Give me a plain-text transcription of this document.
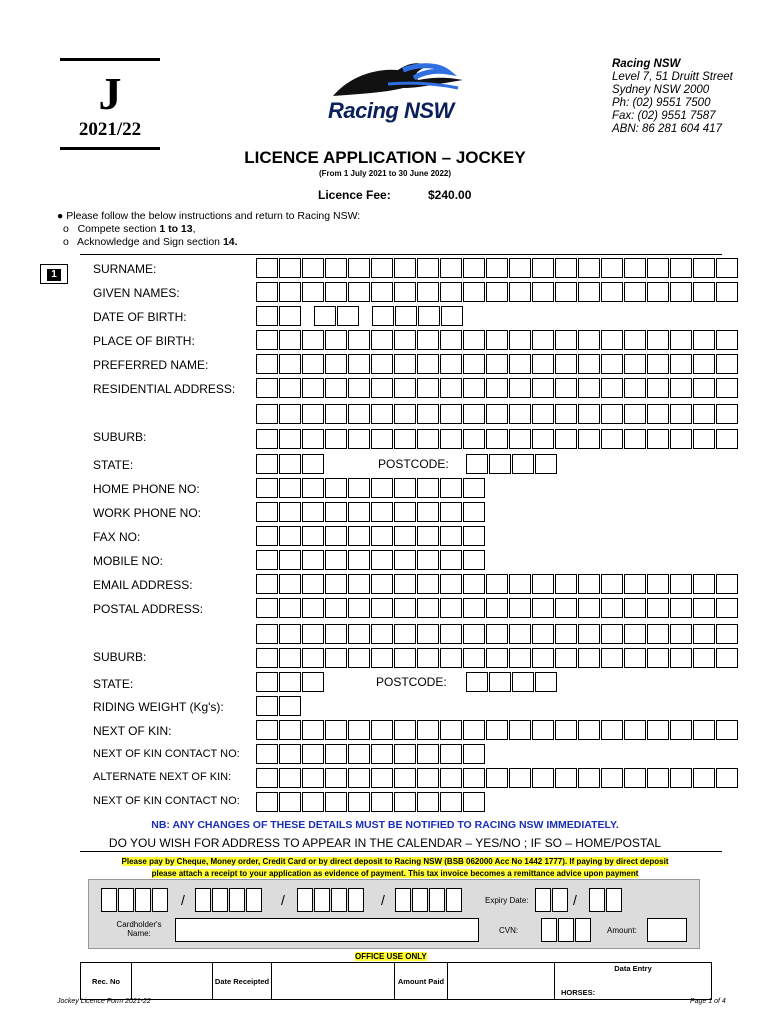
J
2021/22
Racing NSW
Racing NSW
Level 7, 51 Druitt Street
Sydney NSW 2000
Ph: (02) 9551 7500
Fax: (02) 9551 7587
ABN: 86 281 604 417
LICENCE APPLICATION – JOCKEY
(From 1 July 2021 to 30 June 2022)
Licence Fee:	$240.00
● Please follow the below instructions and return to Racing NSW:
o   Compete section 1 to 13,
o   Acknowledge and Sign section 14.
1	SURNAME:
GIVEN NAMES:
DATE OF BIRTH:
PLACE OF BIRTH:
PREFERRED NAME:
RESIDENTIAL ADDRESS:
SUBURB:
STATE:	POSTCODE:
HOME PHONE NO:
WORK PHONE NO:
FAX NO:
MOBILE NO:
EMAIL ADDRESS:
POSTAL ADDRESS:
SUBURB:
STATE:	POSTCODE:
RIDING WEIGHT (Kg's):
NEXT OF KIN:
NEXT OF KIN CONTACT NO:
ALTERNATE NEXT OF KIN:
NEXT OF KIN CONTACT NO:
NB: ANY CHANGES OF THESE DETAILS MUST BE NOTIFIED TO RACING NSW IMMEDIATELY.
DO YOU WISH FOR ADDRESS TO APPEAR IN THE CALENDAR – YES/NO ; IF SO – HOME/POSTAL
Please pay by Cheque, Money order, Credit Card or by direct deposit to Racing NSW (BSB 062000 Acc No 1442 1777). If paying by direct deposit
please attach a receipt to your application as evidence of payment. This tax invoice becomes a remittance advice upon payment
/	/	/	Expiry Date:	/
Cardholder's Name:	CVN:	Amount:
OFFICE USE ONLY
Rec. No		Date Receipted		Amount Paid		
Data Entry
HORSES:
Jockey Licence Form 2021-22	Page 1 of 4
